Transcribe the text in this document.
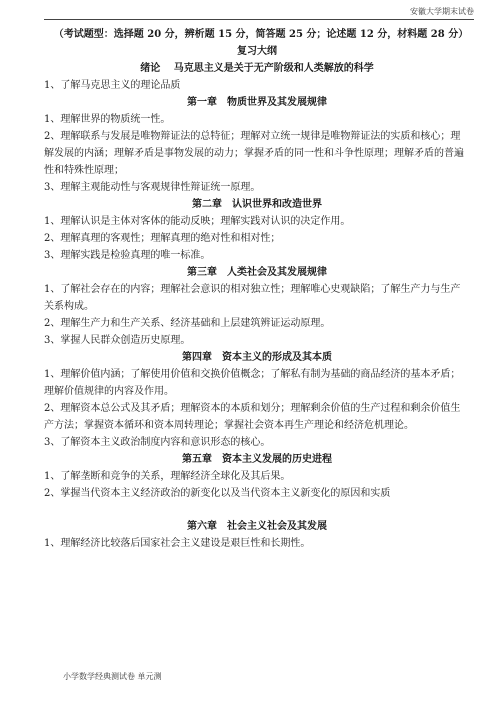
安徽大学期末试卷
（考试题型：选择题 20 分，辨析题 15 分，简答题 25 分；论述题 12 分，材料题 28 分）
复习大纲
绪论　 马克思主义是关于无产阶级和人类解放的科学
1、了解马克思主义的理论品质
第一章　物质世界及其发展规律
1、理解世界的物质统一性。
2、理解联系与发展是唯物辩证法的总特征；理解对立统一规律是唯物辩证法的实质和核心；理解发展的内涵；理解矛盾是事物发展的动力；掌握矛盾的同一性和斗争性原理；理解矛盾的普遍性和特殊性原理；
3、理解主观能动性与客观规律性辩证统一原理。
第二章　认识世界和改造世界
1、理解认识是主体对客体的能动反映；理解实践对认识的决定作用。
2、理解真理的客观性；理解真理的绝对性和相对性；
3、理解实践是检验真理的唯一标准。
第三章　人类社会及其发展规律
1、了解社会存在的内容；理解社会意识的相对独立性；理解唯心史观缺陷；了解生产力与生产关系构成。
2、理解生产力和生产关系、经济基础和上层建筑辨证运动原理。
3、掌握人民群众创造历史原理。
第四章　资本主义的形成及其本质
1、理解价值内涵；了解使用价值和交换价值概念；了解私有制为基础的商品经济的基本矛盾；理解价值规律的内容及作用。
2、理解资本总公式及其矛盾；理解资本的本质和划分；理解剩余价值的生产过程和剩余价值生产方法；掌握资本循环和资本周转理论；掌握社会资本再生产理论和经济危机理论。
3、了解资本主义政治制度内容和意识形态的核心。
第五章　资本主义发展的历史进程
1、了解垄断和竞争的关系，理解经济全球化及其后果。
2、掌握当代资本主义经济政治的新变化以及当代资本主义新变化的原因和实质
第六章　社会主义社会及其发展
1、理解经济比较落后国家社会主义建设是艰巨性和长期性。
小学数学经典测试卷 单元测
